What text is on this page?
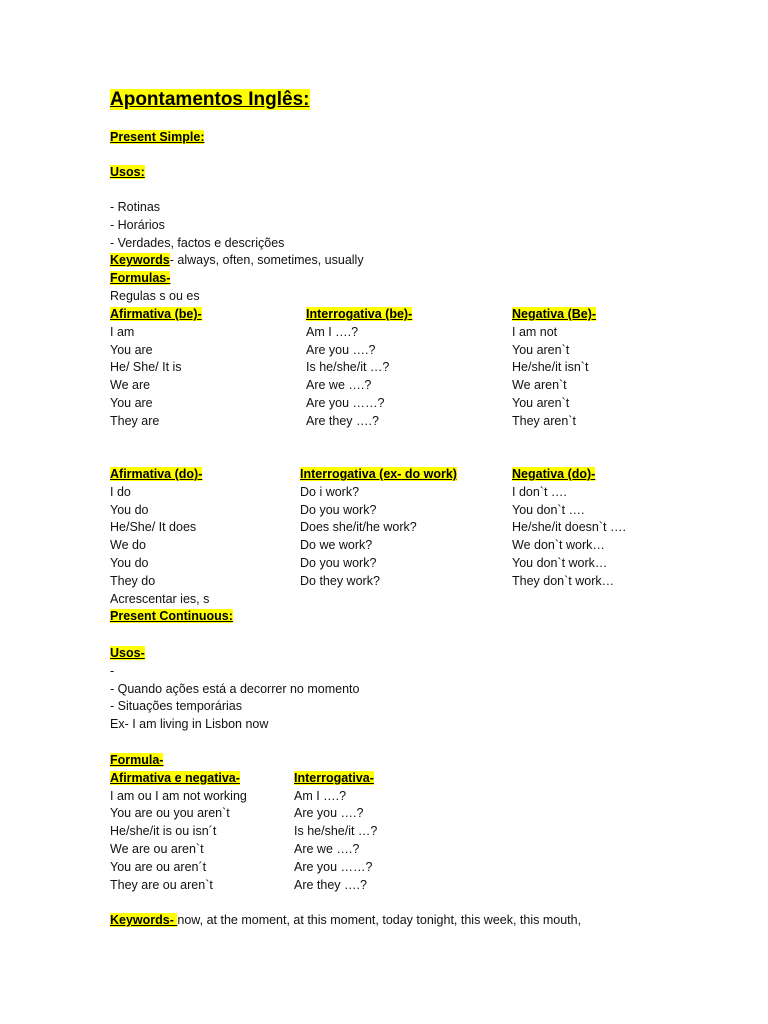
Apontamentos Inglês:
Present Simple:
Usos:
- Rotinas
- Horários
- Verdades, factos e descrições
Keywords- always, often, sometimes, usually
Formulas-
Regulas s ou es
Afirmativa (be)-
I am
You are
He/ She/ It is
We are
You are
They are
Interrogativa (be)-
Am I ….?
Are you ….?
Is he/she/it …?
Are we ….?
Are you ……?
Are they ….?
Negativa (Be)-
I am not
You aren`t
He/she/it isn`t
We aren`t
You aren`t
They aren`t
Afirmativa (do)-
I do
You do
He/She/ It does
We do
You do
They do
Acrescentar ies, s
Present Continuous:
Interrogativa (ex- do work)
Do i work?
Do you work?
Does she/it/he work?
Do we work?
Do you work?
Do they work?
Negativa (do)-
I don`t ….
You don`t ….
He/she/it doesn`t ….
We don`t work…
You don`t work…
They don`t work…
Usos-
-
- Quando ações está a decorrer no momento
- Situações temporárias
Ex- I am living in Lisbon now
Formula-
Afirmativa e negativa-
I am ou I am not working
You are ou you aren`t
He/she/it is ou isn´t
We are ou aren`t
You are ou aren´t
They are ou aren`t
Interrogativa-
Am I ….?
Are you ….?
Is he/she/it …?
Are we ….?
Are you ……?
Are they ….?
Keywords- now, at the moment, at this moment, today tonight, this week, this mouth,
